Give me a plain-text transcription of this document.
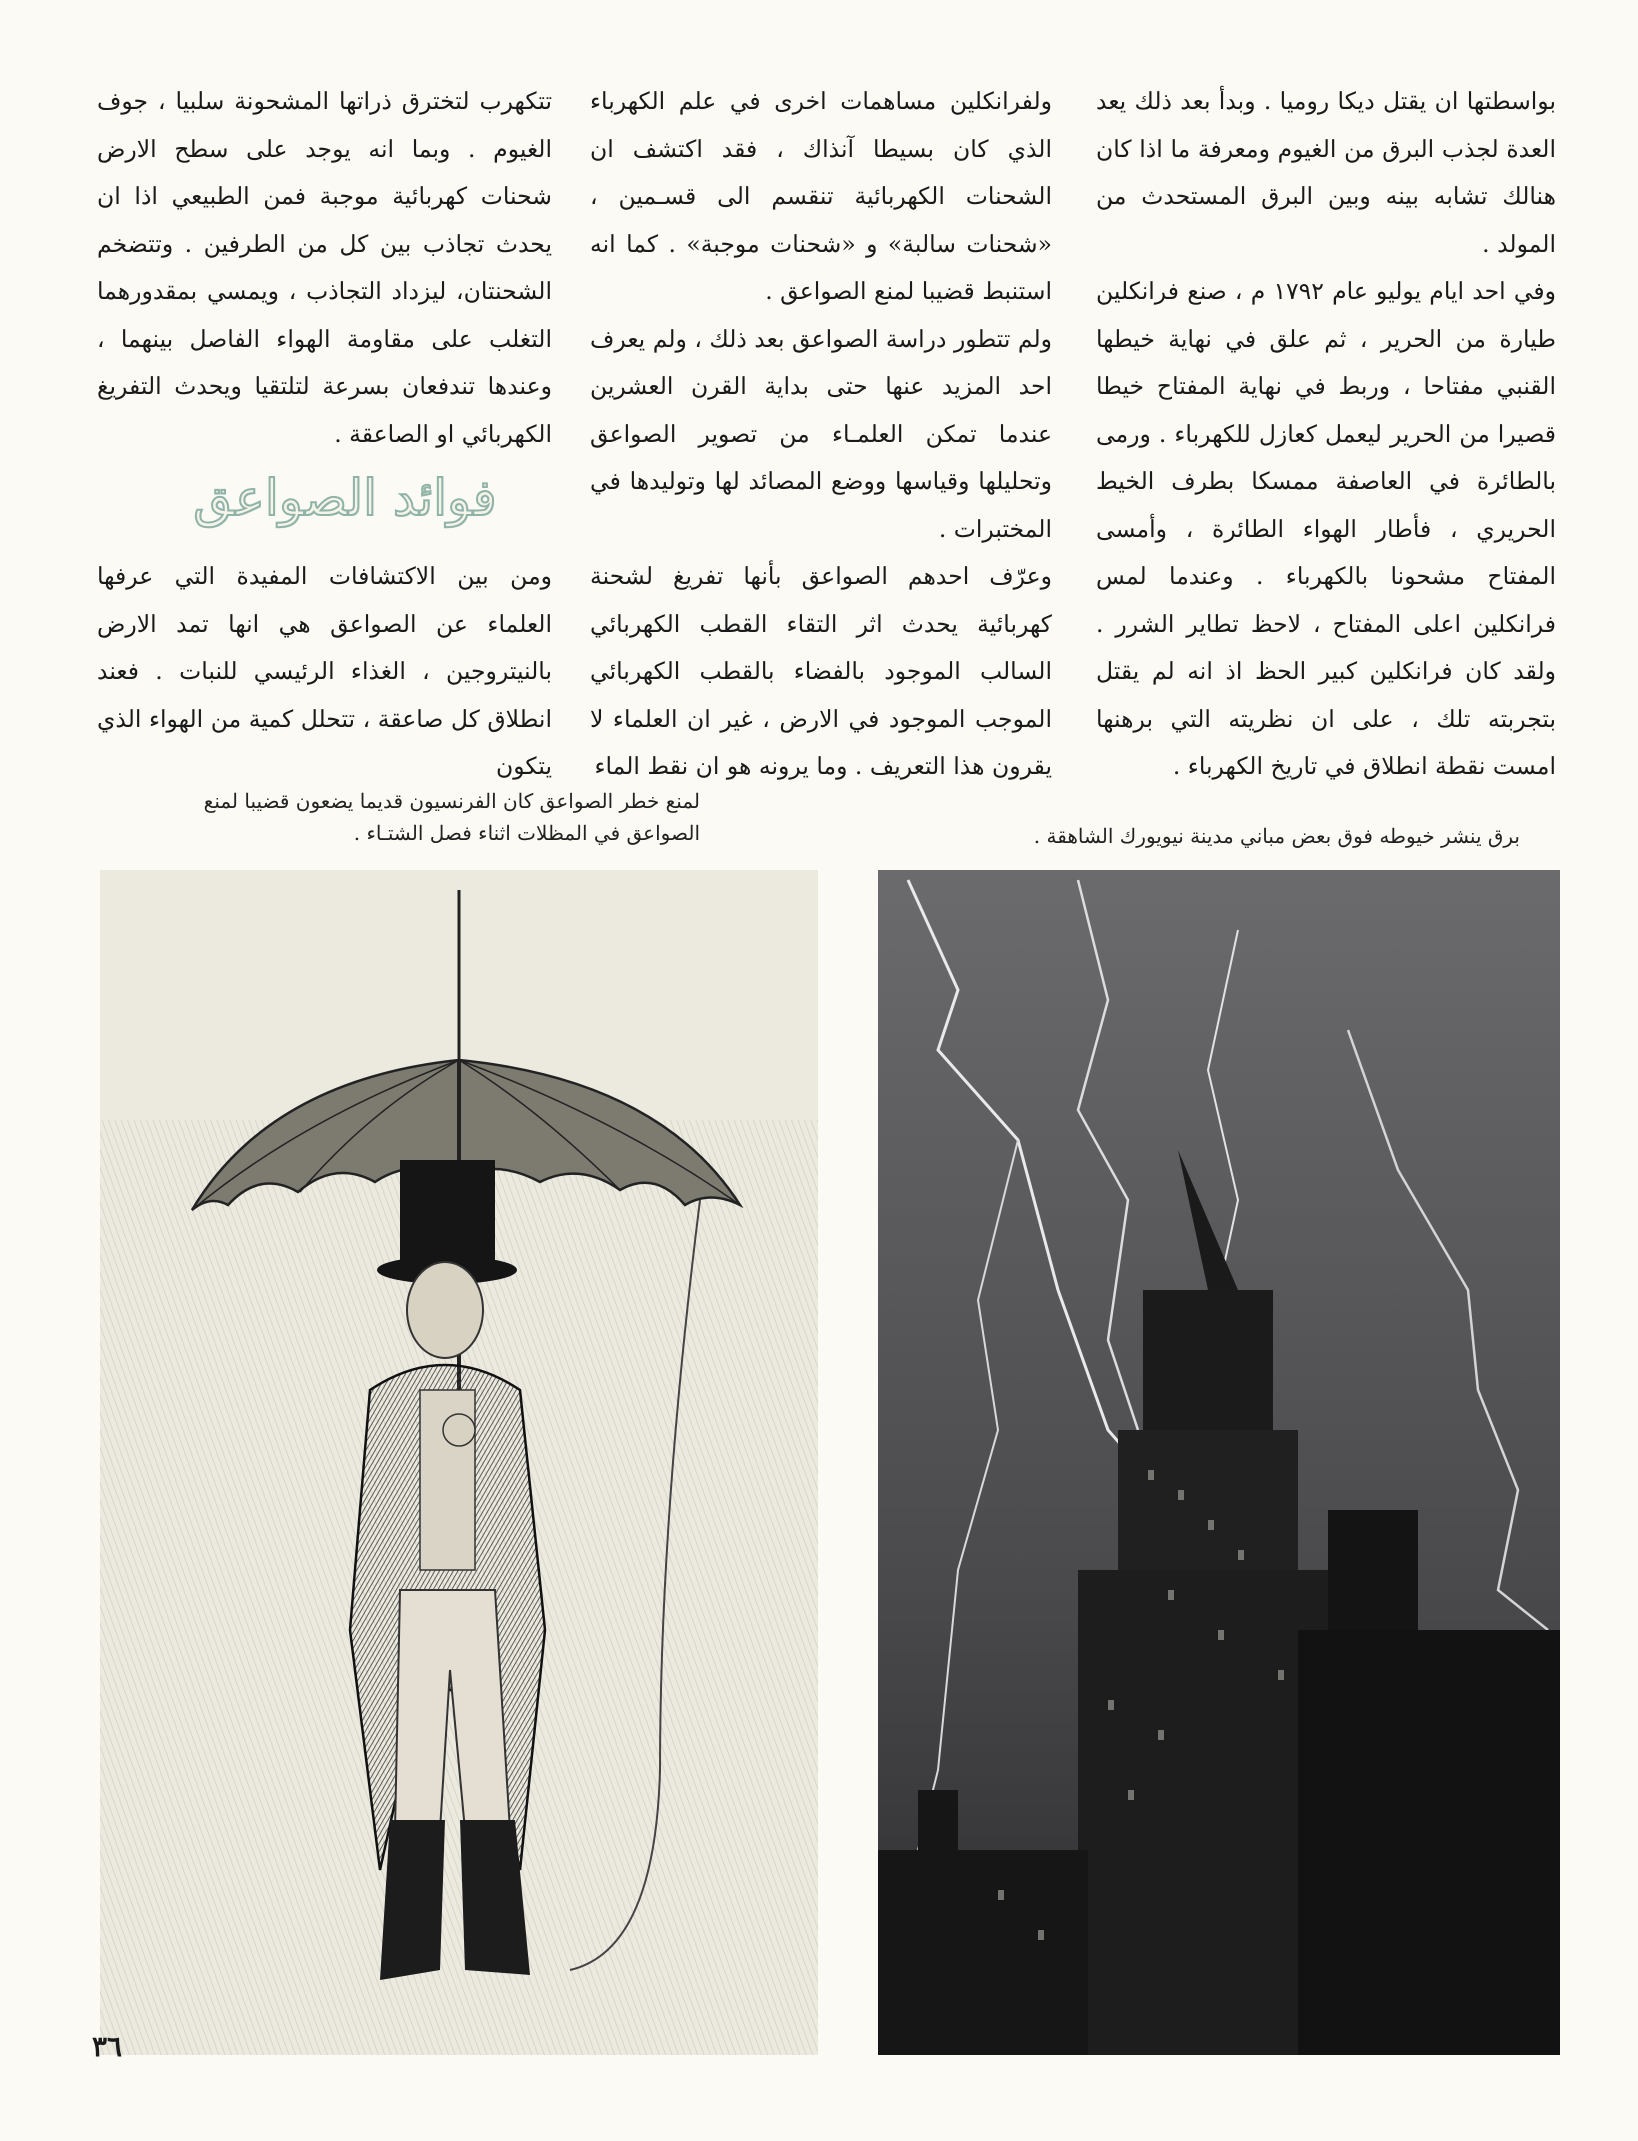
بواسطتها ان يقتل ديكا روميا . وبدأ بعد ذلك يعد العدة لجذب البرق من الغيوم ومعرفة ما اذا كان هنالك تشابه بينه وبين البرق المستحدث من المولد .

وفي احد ايام يوليو عام ١٧٩٢ م ، صنع فرانكلين طيارة من الحرير ، ثم علق في نهاية خيطها القنبي مفتاحا ، وربط في نهاية المفتاح خيطا قصيرا من الحرير ليعمل كعازل للكهرباء . ورمى بالطائرة في العاصفة ممسكا بطرف الخيط الحريري ، فأطار الهواء الطائرة ، وأمسى المفتاح مشحونا بالكهرباء . وعندما لمس فرانكلين اعلى المفتاح ، لاحظ تطاير الشرر . ولقد كان فرانكلين كبير الحظ اذ انه لم يقتل بتجربته تلك ، على ان نظريته التي برهنها امست نقطة انطلاق في تاريخ الكهرباء .

ولفرانكلين مساهمات اخرى في علم الكهرباء الذي كان بسيطا آنذاك ، فقد اكتشف ان الشحنات الكهربائية تنقسم الى قسـمين ، «شحنات سالبة» و «شحنات موجبة» . كما انه استنبط قضيبا لمنع الصواعق .

ولم تتطور دراسة الصواعق بعد ذلك ، ولم يعرف احد المزيد عنها حتى بداية القرن العشرين عندما تمكن العلمـاء من تصوير الصواعق وتحليلها وقياسها ووضع المصائد لها وتوليدها في المختبرات .

وعرّف احدهم الصواعق بأنها تفريغ لشحنة كهربائية يحدث اثر التقاء القطب الكهربائي السالب الموجود بالفضاء بالقطب الكهربائي الموجب الموجود في الارض ، غير ان العلماء لا يقرون هذا التعريف . وما يرونه هو ان نقط الماء

تتكهرب لتخترق ذراتها المشحونة سلبيا ، جوف الغيوم . وبما انه يوجد على سطح الارض شحنات كهربائية موجبة فمن الطبيعي اذا ان يحدث تجاذب بين كل من الطرفين . وتتضخم الشحنتان، ليزداد التجاذب ، ويمسي بمقدورهما التغلب على مقاومة الهواء الفاصل بينهما ، وعندها تندفعان بسرعة لتلتقيا ويحدث التفريغ الكهربائي او الصاعقة .

فوائد الصواعق

ومن بين الاكتشافات المفيدة التي عرفها العلماء عن الصواعق هي انها تمد الارض بالنيتروجين ، الغذاء الرئيسي للنبات . فعند انطلاق كل صاعقة ، تتحلل كمية من الهواء الذي يتكون

لمنع خطر الصواعق كان الفرنسيون قديما يضعون قضيبا لمنع الصواعق في المظلات اثناء فصل الشتـاء .	برق ينشر خيوطه فوق بعض مباني مدينة نيويورك الشاهقة .
٣٦
